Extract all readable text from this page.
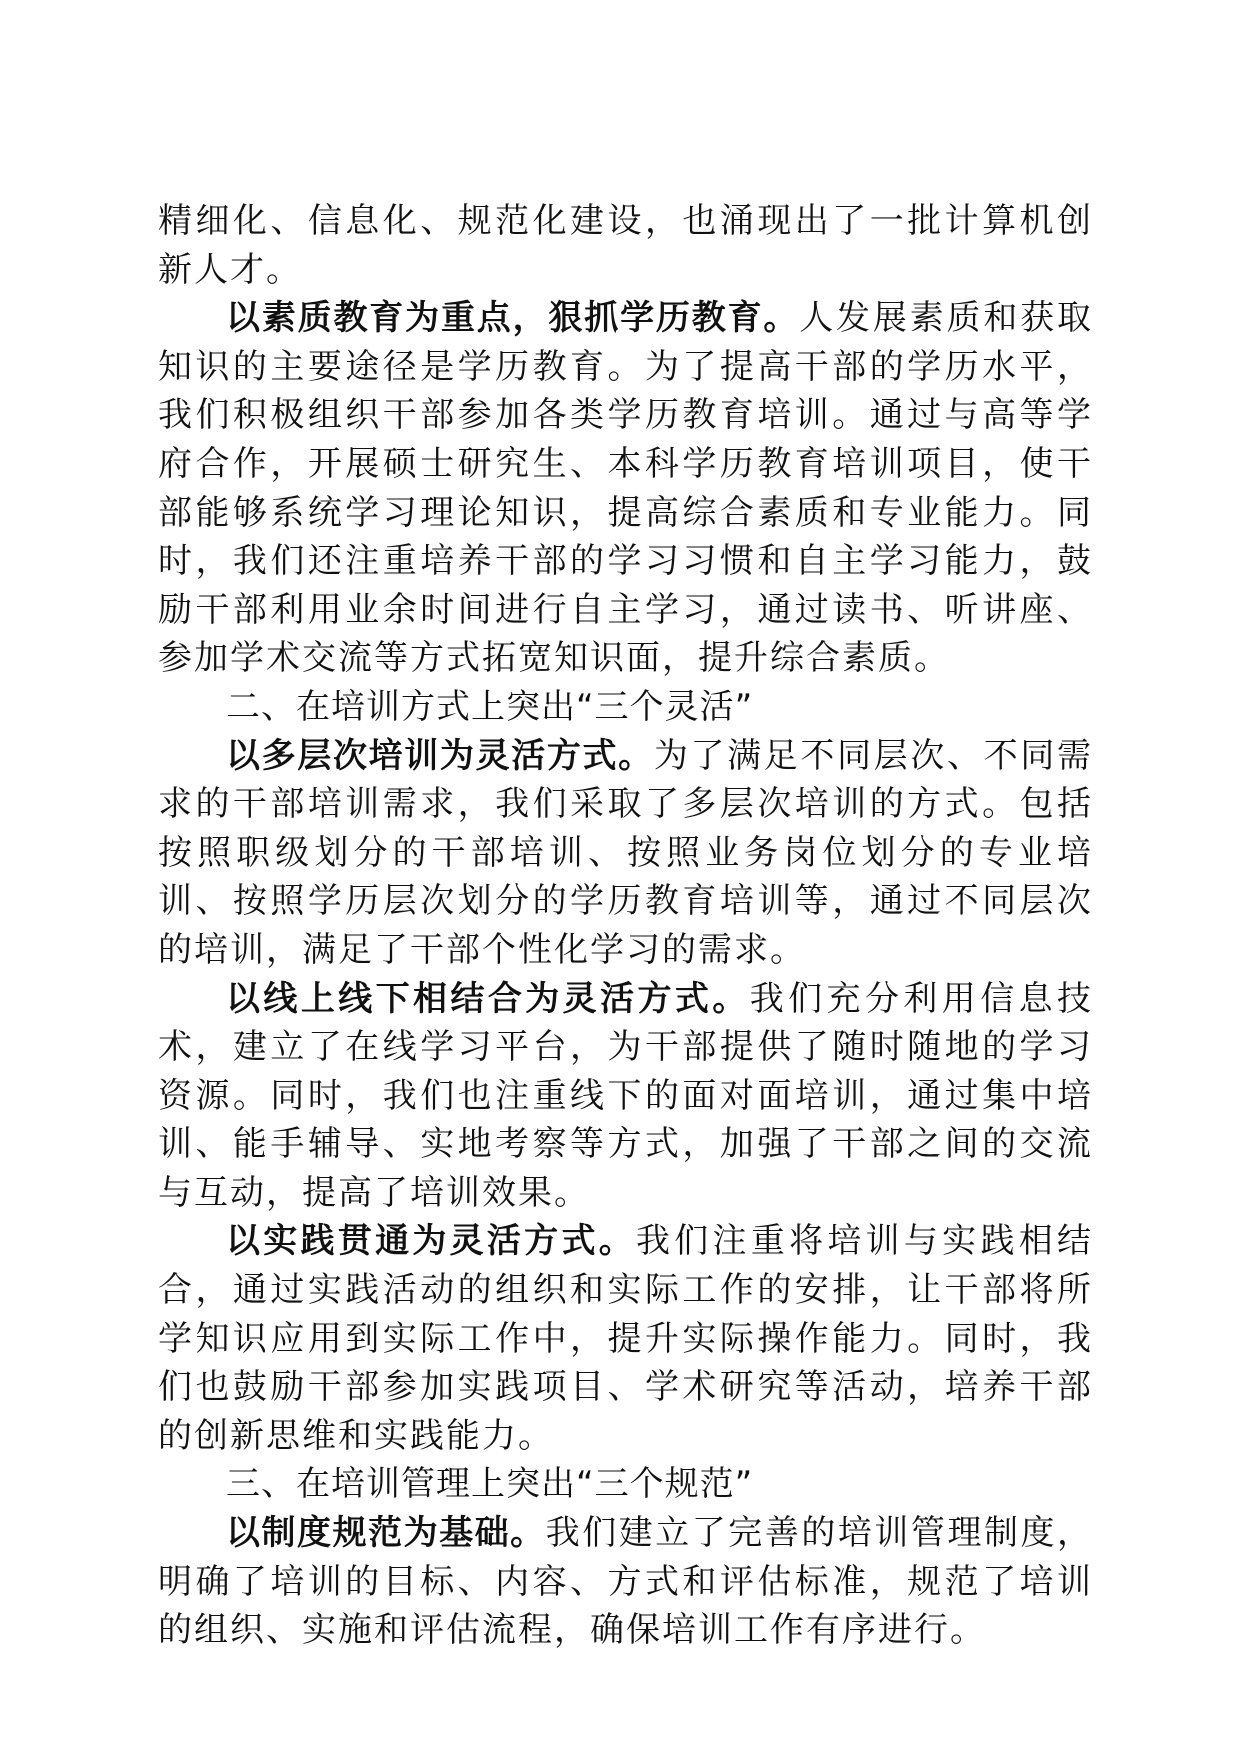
精细化、信息化、规范化建设，也涌现出了一批计算机创新人才。

以素质教育为重点，狠抓学历教育。人发展素质和获取知识的主要途径是学历教育。为了提高干部的学历水平，我们积极组织干部参加各类学历教育培训。通过与高等学府合作，开展硕士研究生、本科学历教育培训项目，使干部能够系统学习理论知识，提高综合素质和专业能力。同时，我们还注重培养干部的学习习惯和自主学习能力，鼓励干部利用业余时间进行自主学习，通过读书、听讲座、参加学术交流等方式拓宽知识面，提升综合素质。

二、在培训方式上突出“三个灵活”

以多层次培训为灵活方式。为了满足不同层次、不同需求的干部培训需求，我们采取了多层次培训的方式。包括按照职级划分的干部培训、按照业务岗位划分的专业培训、按照学历层次划分的学历教育培训等，通过不同层次的培训，满足了干部个性化学习的需求。

以线上线下相结合为灵活方式。我们充分利用信息技术，建立了在线学习平台，为干部提供了随时随地的学习资源。同时，我们也注重线下的面对面培训，通过集中培训、能手辅导、实地考察等方式，加强了干部之间的交流与互动，提高了培训效果。

以实践贯通为灵活方式。我们注重将培训与实践相结合，通过实践活动的组织和实际工作的安排，让干部将所学知识应用到实际工作中，提升实际操作能力。同时，我们也鼓励干部参加实践项目、学术研究等活动，培养干部的创新思维和实践能力。

三、在培训管理上突出“三个规范”

以制度规范为基础。我们建立了完善的培训管理制度，明确了培训的目标、内容、方式和评估标准，规范了培训的组织、实施和评估流程，确保培训工作有序进行。
